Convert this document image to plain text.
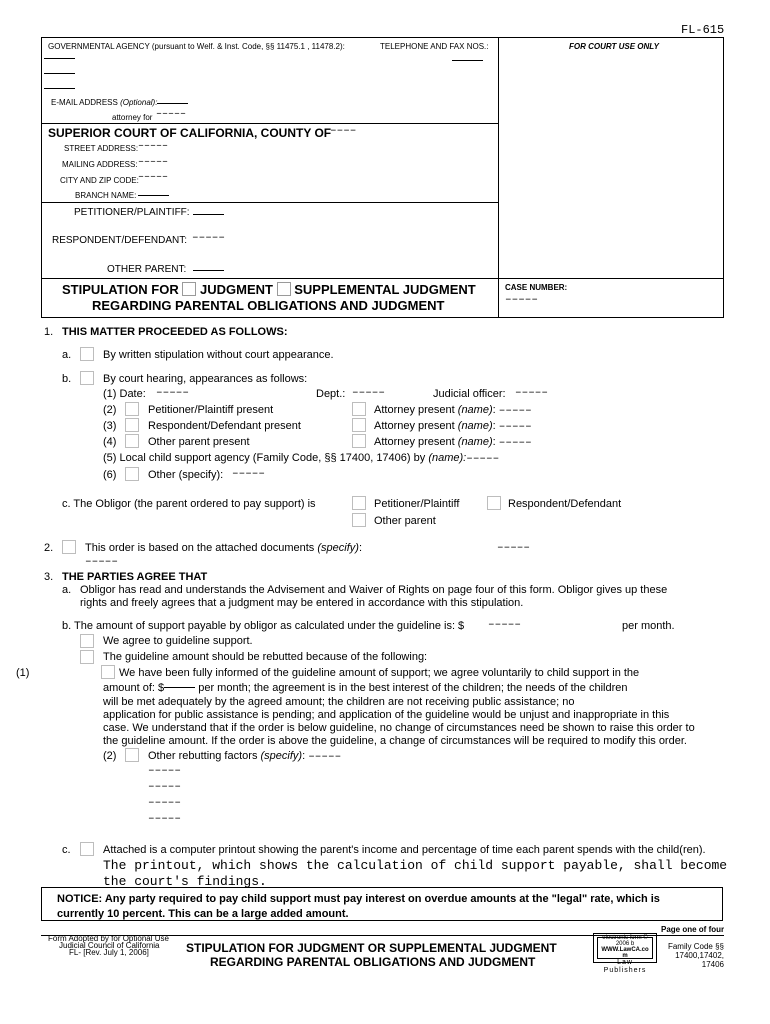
FL-615
GOVERNMENTAL AGENCY (pursuant to Welf. & Inst. Code, §§ 11475.1 , 11478.2):	TELEPHONE AND FAX NOS.:	FOR COURT USE ONLY
E-MAIL ADDRESS (Optional):
attorney for –––––
SUPERIOR COURT OF CALIFORNIA, COUNTY OF
––––
STREET ADDRESS: –––––
MAILING ADDRESS: –––––
CITY AND ZIP CODE: –––––
BRANCH NAME:
PETITIONER/PLAINTIFF:
RESPONDENT/DEFENDANT: –––––
OTHER PARENT:
STIPULATION FOR JUDGMENT SUPPLEMENTAL JUDGMENT
REGARDING PARENTAL OBLIGATIONS AND JUDGMENT
CASE NUMBER:
–––––
1. THIS MATTER PROCEEDED AS FOLLOWS:
a.	By written stipulation without court appearance.
b.	By court hearing, appearances as follows:
(1) Date: –––––	Dept.: –––––	Judicial officer: –––––
(2)	Petitioner/Plaintiff present	Attorney present (name): –––––
(3)	Respondent/Defendant present	Attorney present (name): –––––
(4)	Other parent present	Attorney present (name): –––––
(5) Local child support agency (Family Code, §§ 17400, 17406) by (name):–––––
(6)	Other (specify): –––––
c. The Obligor (the parent ordered to pay support) is	Petitioner/Plaintiff	Respondent/Defendant
Other parent
2.	This order is based on the attached documents (specify):	–––––
–––––
3. THE PARTIES AGREE THAT
a. Obligor has read and understands the Advisement and Waiver of Rights on page four of this form. Obligor gives up these
rights and freely agrees that a judgment may be entered in accordance with this stipulation.
b. The amount of support payable by obligor as calculated under the guideline is: $ –––––	per month.
We agree to guideline support.
The guideline amount should be rebutted because of the following:
(1)	We have been fully informed of the guideline amount of support; we agree voluntarily to child support in the
amount of: $	per month; the agreement is in the best interest of the children; the needs of the children
will be met adequately by the agreed amount; the children are not receiving public assistance; no
application for public assistance is pending; and application of the guideline would be unjust and inappropriate in this
case. We understand that if the order is below guideline, no change of circumstances need be shown to raise this order to
the guideline amount. If the order is above the guideline, a change of circumstances will be required to modify this order.
(2)	Other rebutting factors (specify): –––––
–––––
–––––
–––––
–––––
c.	Attached is a computer printout showing the parent's income and percentage of time each parent spends with the child(ren).
The printout, which shows the calculation of child support payable, shall become
the court's findings.
NOTICE: Any party required to pay child support must pay interest on overdue amounts at the "legal" rate, which is
currently 10 percent. This can be a large added amount.
Page one of four
Form Adopted by for Optional Use
Judicial Council of California
FL- [Rev. July 1, 2006]	STIPULATION FOR JUDGMENT OR SUPPLEMENTAL JUDGMENT
REGARDING PARENTAL OBLIGATIONS AND JUDGMENT
electronic form ©
2006 b
WWW.LawCA.co
m
Law
Publishers
Family Code §§
17400,17402,
17406
